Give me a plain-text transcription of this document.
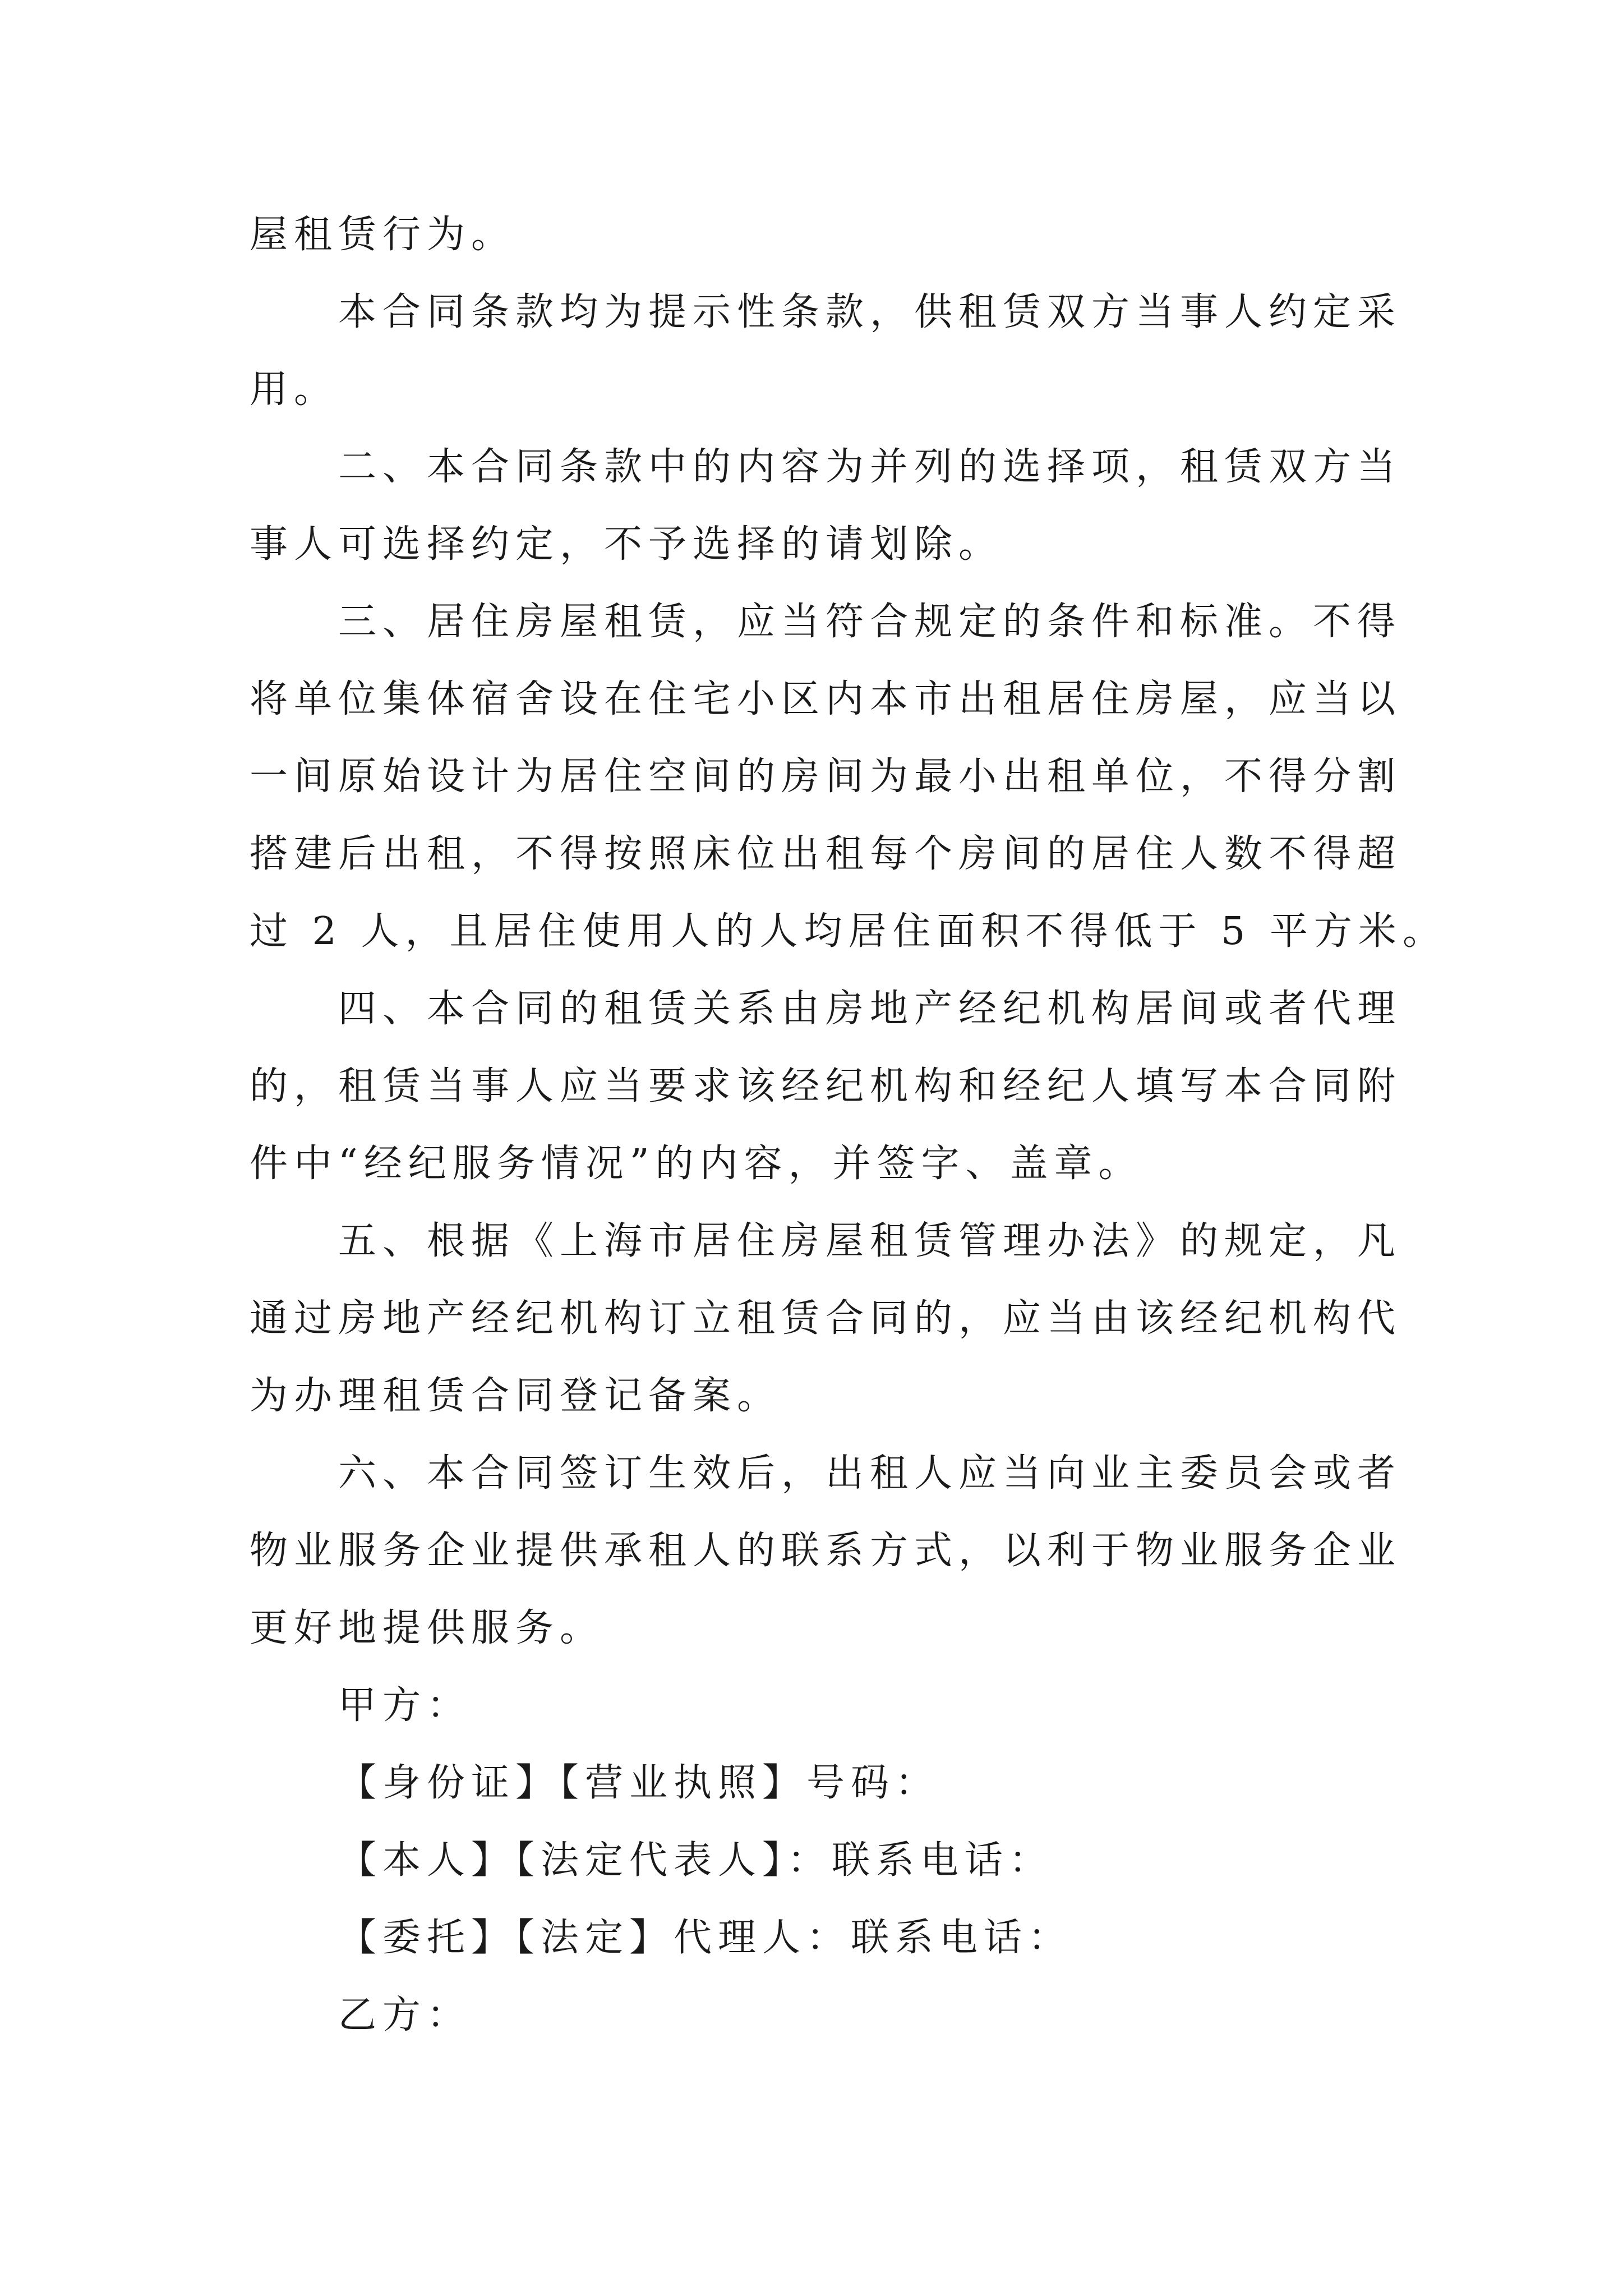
屋租赁行为。
本合同条款均为提示性条款，供租赁双方当事人约定采
用。
二、本合同条款中的内容为并列的选择项，租赁双方当
事人可选择约定，不予选择的请划除。
三、居住房屋租赁，应当符合规定的条件和标准。不得
将单位集体宿舍设在住宅小区内本市出租居住房屋，应当以
一间原始设计为居住空间的房间为最小出租单位，不得分割
搭建后出租，不得按照床位出租每个房间的居住人数不得超
过 2 人，且居住使用人的人均居住面积不得低于 5 平方米。
四、本合同的租赁关系由房地产经纪机构居间或者代理
的，租赁当事人应当要求该经纪机构和经纪人填写本合同附
件中“经纪服务情况”的内容，并签字、盖章。
五、根据《上海市居住房屋租赁管理办法》的规定，凡
通过房地产经纪机构订立租赁合同的，应当由该经纪机构代
为办理租赁合同登记备案。
六、本合同签订生效后，出租人应当向业主委员会或者
物业服务企业提供承租人的联系方式，以利于物业服务企业
更好地提供服务。
甲方：
【身份证】【营业执照】号码：
【本人】【法定代表人】：联系电话：
【委托】【法定】代理人：联系电话：
乙方：
